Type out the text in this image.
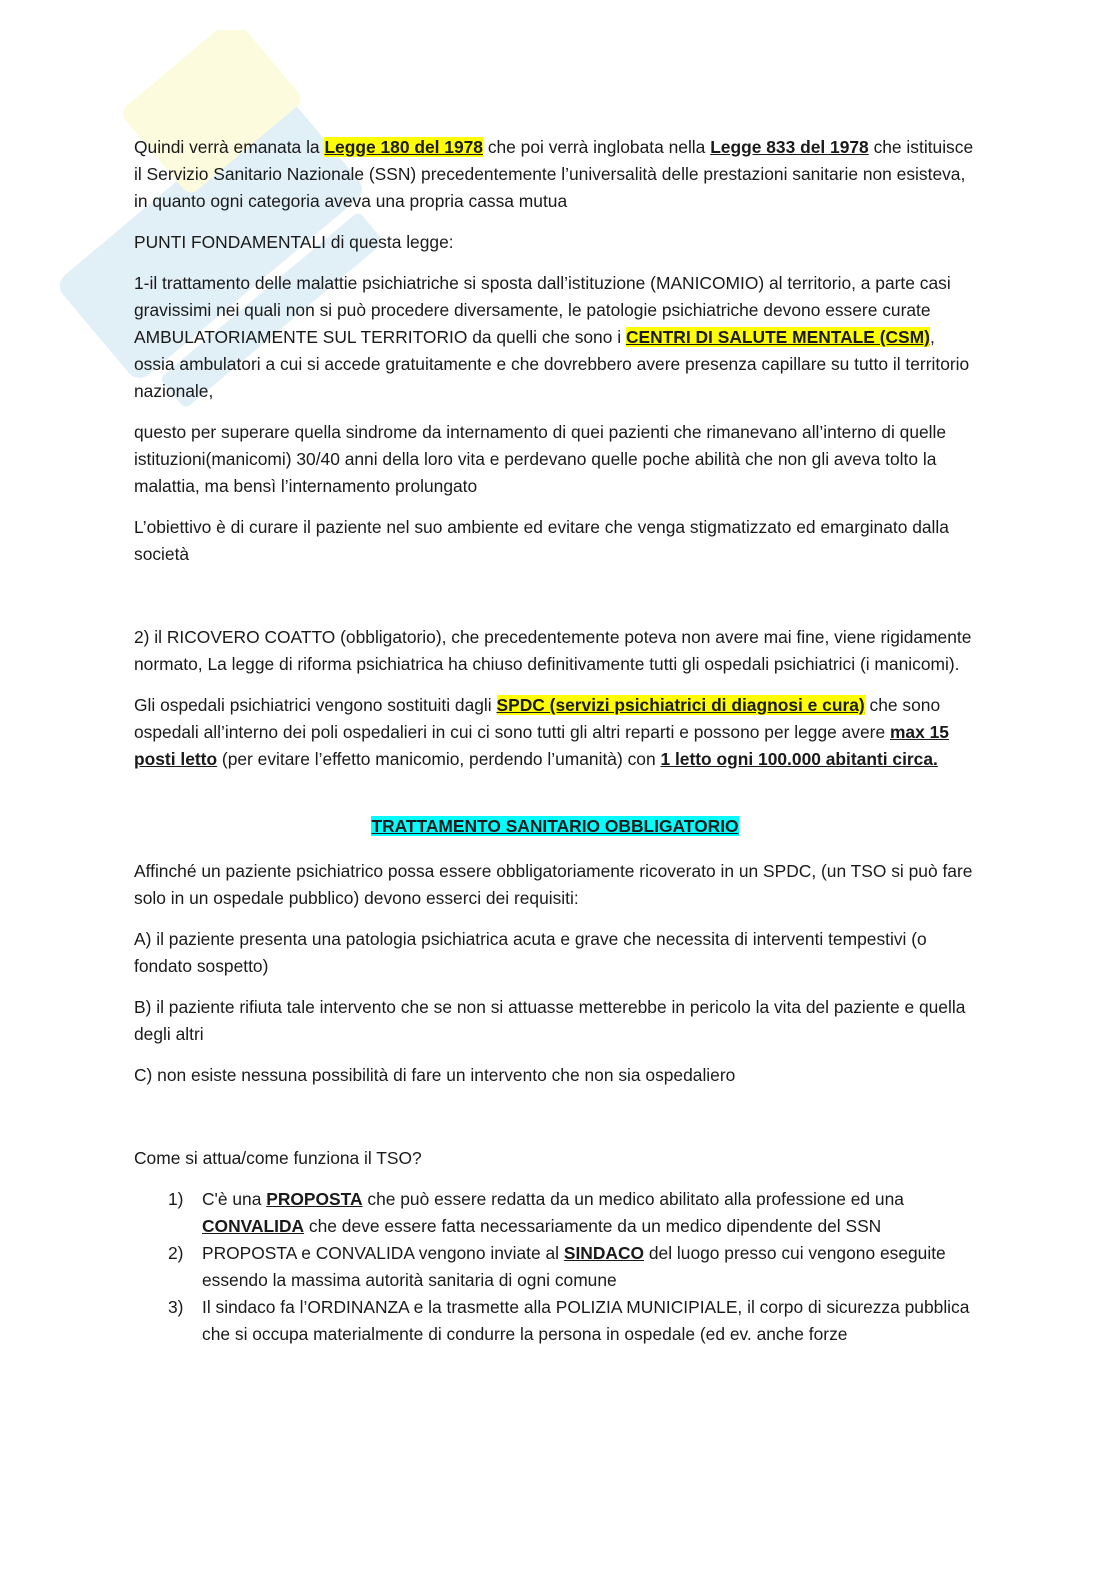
Quindi verrà emanata la Legge 180 del 1978 che poi verrà inglobata nella Legge 833 del 1978 che istituisce il Servizio Sanitario Nazionale (SSN) precedentemente l’universalità delle prestazioni sanitarie non esisteva, in quanto ogni categoria aveva una propria cassa mutua

PUNTI FONDAMENTALI di questa legge:

1-il trattamento delle malattie psichiatriche si sposta dall’istituzione (MANICOMIO) al territorio, a parte casi gravissimi nei quali non si può procedere diversamente, le patologie psichiatriche devono essere curate AMBULATORIAMENTE SUL TERRITORIO da quelli che sono i CENTRI DI SALUTE MENTALE (CSM), ossia ambulatori a cui si accede gratuitamente e che dovrebbero avere presenza capillare su tutto il territorio nazionale,

questo per superare quella sindrome da internamento di quei pazienti che rimanevano all’interno di quelle istituzioni(manicomi) 30/40 anni della loro vita e perdevano quelle poche abilità che non gli aveva tolto la malattia, ma bensì l’internamento prolungato

L’obiettivo è di curare il paziente nel suo ambiente ed evitare che venga stigmatizzato ed emarginato dalla società

2) il RICOVERO COATTO (obbligatorio), che precedentemente poteva non avere mai fine, viene rigidamente normato, La legge di riforma psichiatrica ha chiuso definitivamente tutti gli ospedali psichiatrici (i manicomi).

Gli ospedali psichiatrici vengono sostituiti dagli SPDC (servizi psichiatrici di diagnosi e cura) che sono ospedali all’interno dei poli ospedalieri in cui ci sono tutti gli altri reparti e possono per legge avere max 15 posti letto (per evitare l’effetto manicomio, perdendo l’umanità) con 1 letto ogni 100.000 abitanti circa.

TRATTAMENTO SANITARIO OBBLIGATORIO

Affinché un paziente psichiatrico possa essere obbligatoriamente ricoverato in un SPDC, (un TSO si può fare solo in un ospedale pubblico) devono esserci dei requisiti:

A) il paziente presenta una patologia psichiatrica acuta e grave che necessita di interventi tempestivi (o fondato sospetto)

B) il paziente rifiuta tale intervento che se non si attuasse metterebbe in pericolo la vita del paziente e quella degli altri

C) non esiste nessuna possibilità di fare un intervento che non sia ospedaliero

Come si attua/come funziona il TSO?

1) C'è una PROPOSTA che può essere redatta da un medico abilitato alla professione ed una CONVALIDA che deve essere fatta necessariamente da un medico dipendente del SSN
2) PROPOSTA e CONVALIDA vengono inviate al SINDACO del luogo presso cui vengono eseguite essendo la massima autorità sanitaria di ogni comune
3) Il sindaco fa l’ORDINANZA e la trasmette alla POLIZIA MUNICIPIALE, il corpo di sicurezza pubblica che si occupa materialmente di condurre la persona in ospedale (ed ev. anche forze
